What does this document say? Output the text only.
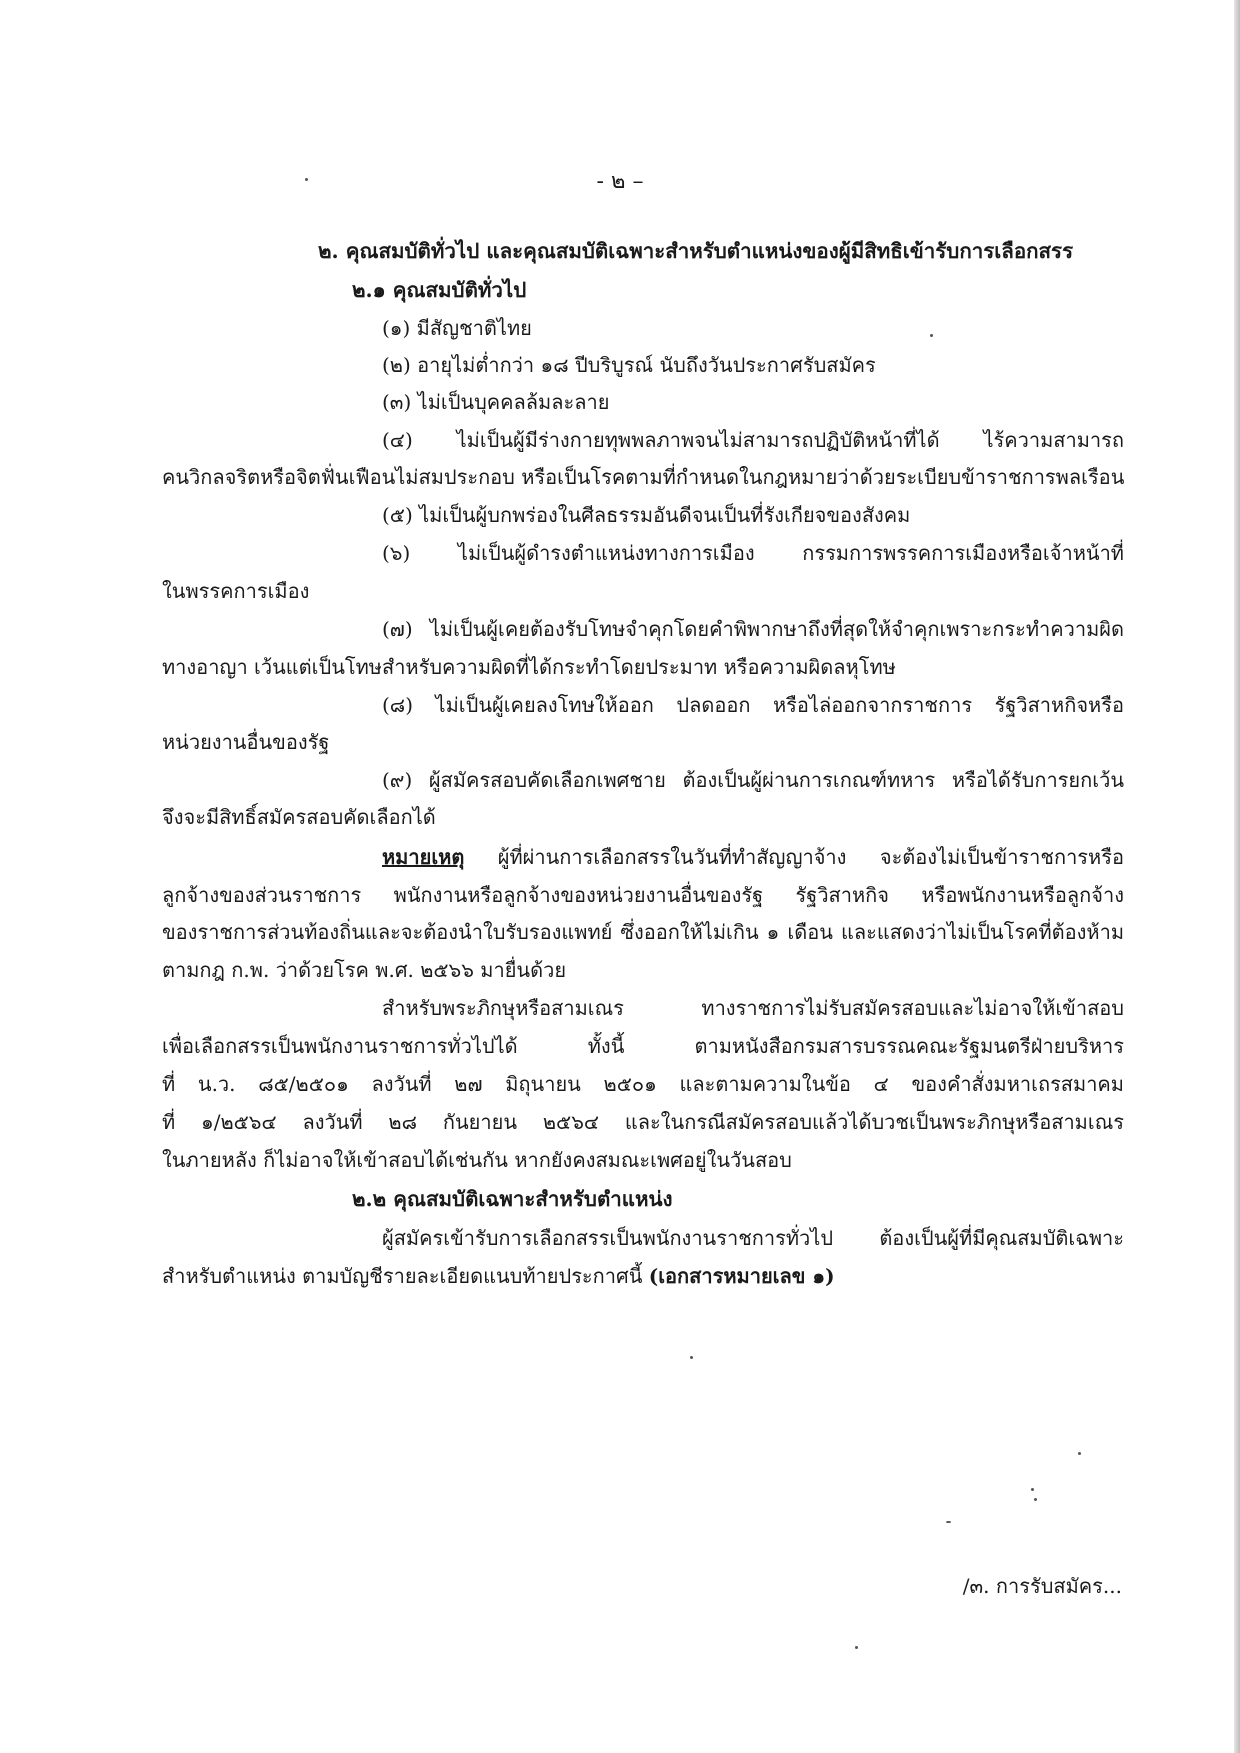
- ๒ –
๒. คุณสมบัติทั่วไป และคุณสมบัติเฉพาะสำหรับตำแหน่งของผู้มีสิทธิเข้ารับการเลือกสรร
๒.๑ คุณสมบัติทั่วไป
(๑) มีสัญชาติไทย
(๒) อายุไม่ต่ำกว่า ๑๘ ปีบริบูรณ์ นับถึงวันประกาศรับสมัคร
(๓) ไม่เป็นบุคคลล้มละลาย
(๔) ไม่เป็นผู้มีร่างกายทุพพลภาพจนไม่สามารถปฏิบัติหน้าที่ได้ ไร้ความสามารถ
คนวิกลจริตหรือจิตฟั่นเฟือนไม่สมประกอบ หรือเป็นโรคตามที่กำหนดในกฎหมายว่าด้วยระเบียบข้าราชการพลเรือน
(๕) ไม่เป็นผู้บกพร่องในศีลธรรมอันดีจนเป็นที่รังเกียจของสังคม
(๖) ไม่เป็นผู้ดำรงตำแหน่งทางการเมือง กรรมการพรรคการเมืองหรือเจ้าหน้าที่
ในพรรคการเมือง
(๗) ไม่เป็นผู้เคยต้องรับโทษจำคุกโดยคำพิพากษาถึงที่สุดให้จำคุกเพราะกระทำความผิด
ทางอาญา เว้นแต่เป็นโทษสำหรับความผิดที่ได้กระทำโดยประมาท หรือความผิดลหุโทษ
(๘) ไม่เป็นผู้เคยลงโทษให้ออก ปลดออก หรือไล่ออกจากราชการ รัฐวิสาหกิจหรือ
หน่วยงานอื่นของรัฐ
(๙) ผู้สมัครสอบคัดเลือกเพศชาย ต้องเป็นผู้ผ่านการเกณฑ์ทหาร หรือได้รับการยกเว้น
จึงจะมีสิทธิ์สมัครสอบคัดเลือกได้
หมายเหตุ ผู้ที่ผ่านการเลือกสรรในวันที่ทำสัญญาจ้าง จะต้องไม่เป็นข้าราชการหรือ
ลูกจ้างของส่วนราชการ พนักงานหรือลูกจ้างของหน่วยงานอื่นของรัฐ รัฐวิสาหกิจ หรือพนักงานหรือลูกจ้าง
ของราชการส่วนท้องถิ่นและจะต้องนำใบรับรองแพทย์ ซึ่งออกให้ไม่เกิน ๑ เดือน และแสดงว่าไม่เป็นโรคที่ต้องห้าม
ตามกฎ ก.พ. ว่าด้วยโรค พ.ศ. ๒๕๖๖ มายื่นด้วย
สำหรับพระภิกษุหรือสามเณร ทางราชการไม่รับสมัครสอบและไม่อาจให้เข้าสอบ
เพื่อเลือกสรรเป็นพนักงานราชการทั่วไปได้ ทั้งนี้ ตามหนังสือกรมสารบรรณคณะรัฐมนตรีฝ่ายบริหาร
ที่ น.ว. ๘๕/๒๕๐๑ ลงวันที่ ๒๗ มิถุนายน ๒๕๐๑ และตามความในข้อ ๔ ของคำสั่งมหาเถรสมาคม
ที่ ๑/๒๕๖๔ ลงวันที่ ๒๘ กันยายน ๒๕๖๔ และในกรณีสมัครสอบแล้วได้บวชเป็นพระภิกษุหรือสามเณร
ในภายหลัง ก็ไม่อาจให้เข้าสอบได้เช่นกัน หากยังคงสมณะเพศอยู่ในวันสอบ
๒.๒ คุณสมบัติเฉพาะสำหรับตำแหน่ง
ผู้สมัครเข้ารับการเลือกสรรเป็นพนักงานราชการทั่วไป ต้องเป็นผู้ที่มีคุณสมบัติเฉพาะ
สำหรับตำแหน่ง ตามบัญชีรายละเอียดแนบท้ายประกาศนี้ (เอกสารหมายเลข ๑)
/๓. การรับสมัคร...
